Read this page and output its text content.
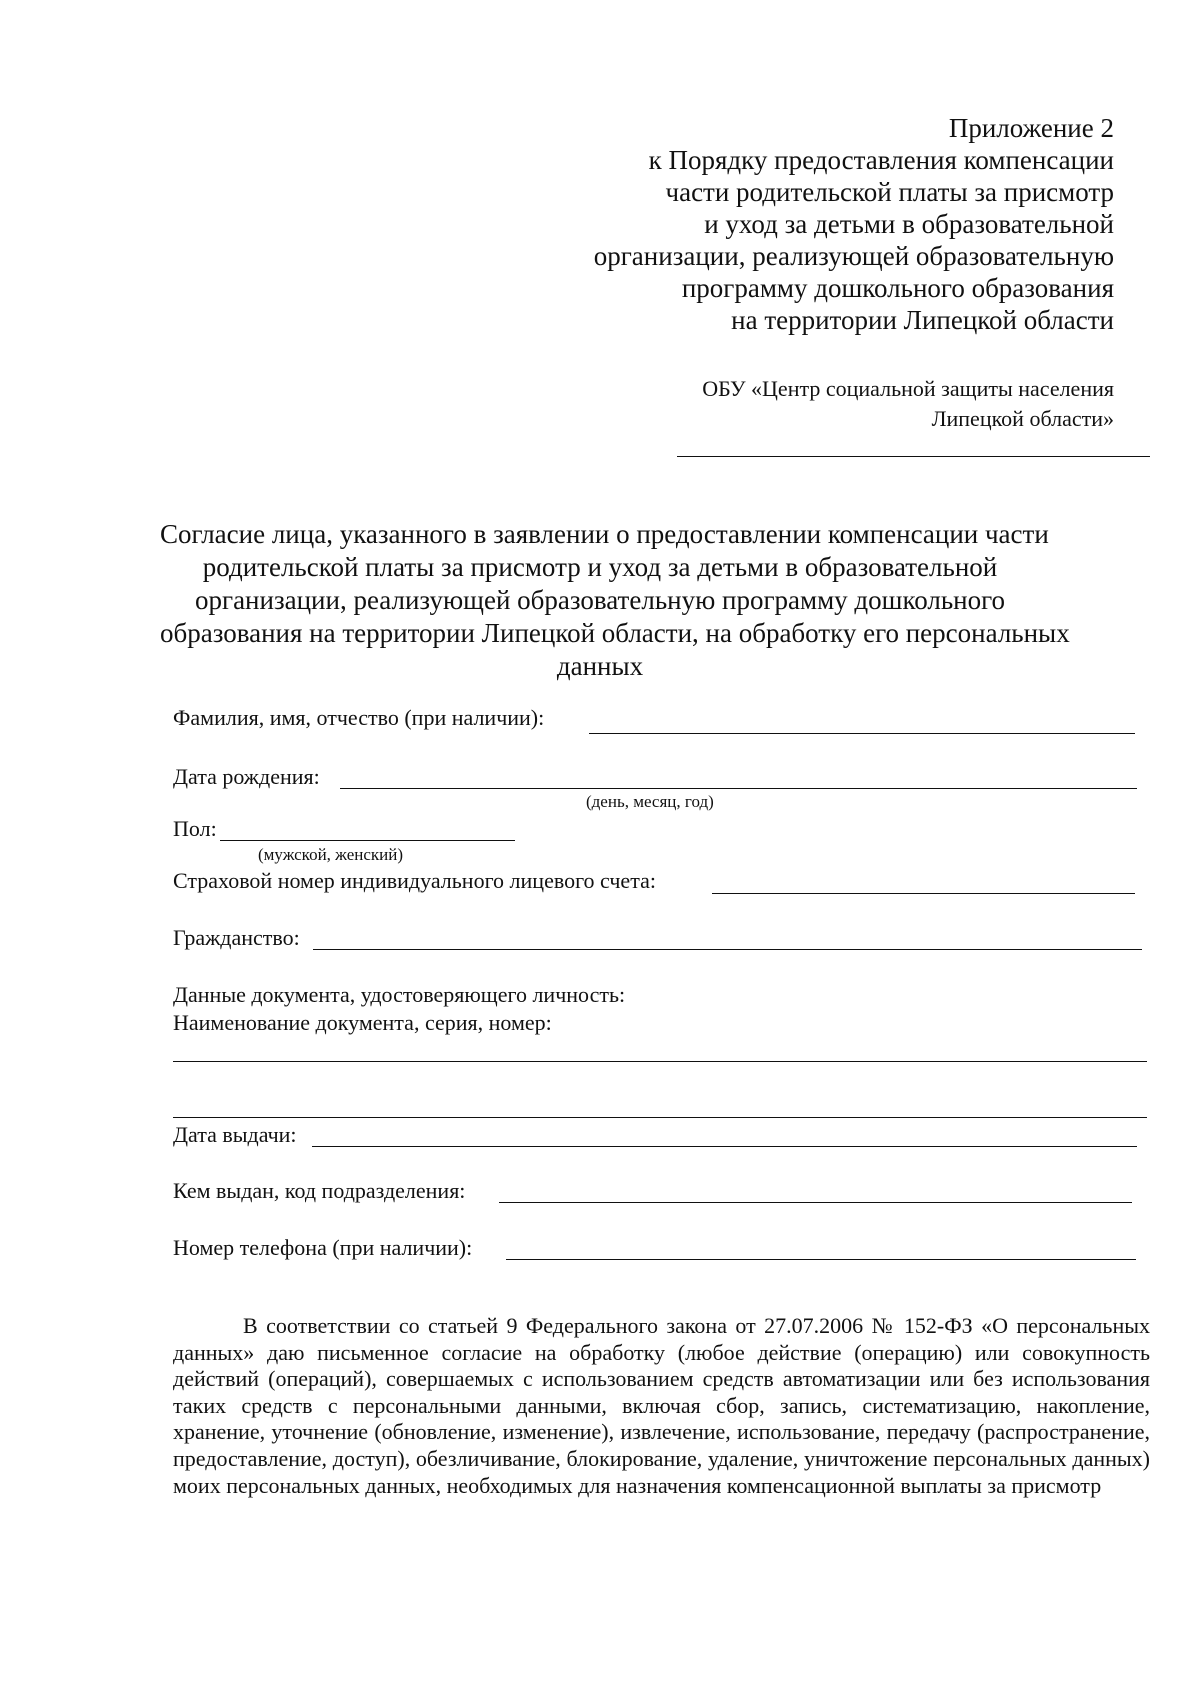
Приложение 2
к Порядку предоставления компенсации
части родительской платы за присмотр
и уход за детьми в образовательной
организации, реализующей образовательную
программу дошкольного образования
на территории Липецкой области
ОБУ «Центр социальной защиты населения
Липецкой области»
Согласие лица, указанного в заявлении о предоставлении компенсации части
родительской платы за присмотр и уход за детьми в образовательной
организации, реализующей образовательную программу дошкольного
образования на территории Липецкой области, на обработку его персональных
данных
Фамилия, имя, отчество (при наличии):
Дата рождения:
(день, месяц, год)
Пол:
(мужской, женский)
Страховой номер индивидуального лицевого счета:
Гражданство:
Данные документа, удостоверяющего личность:
Наименование документа, серия, номер:
Дата выдачи:
Кем выдан, код подразделения:
Номер телефона (при наличии):
В соответствии со статьей 9 Федерального закона от 27.07.2006 № 152-ФЗ «О персональных данных» даю письменное согласие на обработку (любое действие (операцию) или совокупность действий (операций), совершаемых с использованием средств автоматизации или без использования таких средств с персональными данными, включая сбор, запись, систематизацию, накопление, хранение, уточнение (обновление, изменение), извлечение, использование, передачу (распространение, предоставление, доступ), обезличивание, блокирование, удаление, уничтожение персональных данных) моих персональных данных, необходимых для назначения компенсационной выплаты за присмотр
